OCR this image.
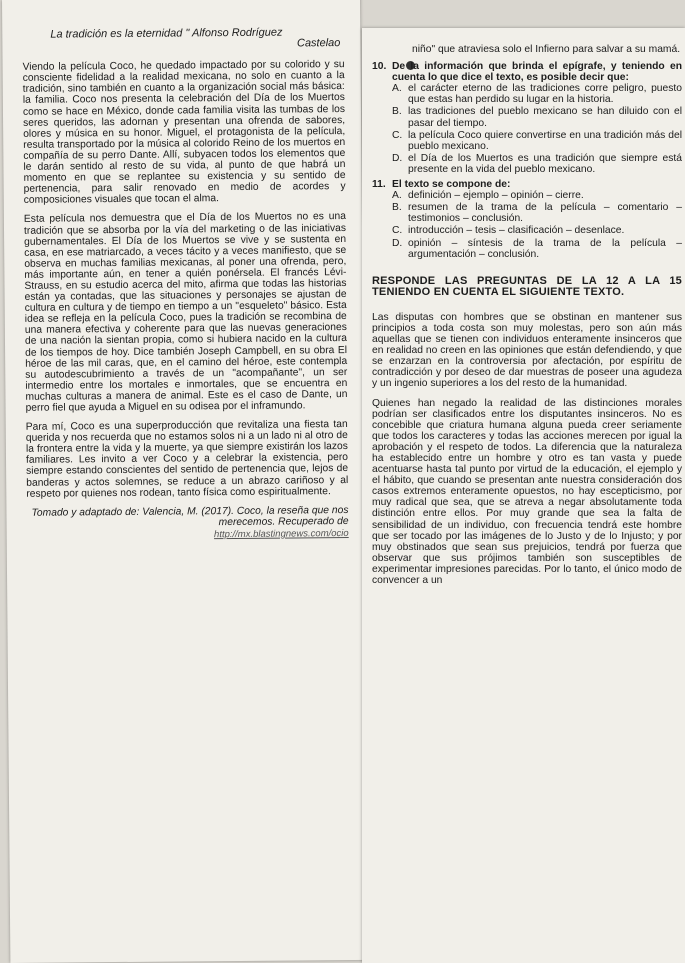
La tradición es la eternidad " Alfonso Rodríguez

Castelao

Viendo la película Coco, he quedado impactado por su colorido y su consciente fidelidad a la realidad mexicana, no solo en cuanto a la tradición, sino también en cuanto a la organización social más básica: la familia. Coco nos presenta la celebración del Día de los Muertos como se hace en México, donde cada familia visita las tumbas de los seres queridos, las adornan y presentan una ofrenda de sabores, olores y música en su honor. Miguel, el protagonista de la película, resulta transportado por la música al colorido Reino de los muertos en compañía de su perro Dante. Allí, subyacen todos los elementos que le darán sentido al resto de su vida, al punto de que habrá un momento en que se replantee su existencia y su sentido de pertenencia, para salir renovado en medio de acordes y composiciones visuales que tocan el alma.

Esta película nos demuestra que el Día de los Muertos no es una tradición que se absorba por la vía del marketing o de las iniciativas gubernamentales. El Día de los Muertos se vive y se sustenta en casa, en ese matriarcado, a veces tácito y a veces manifiesto, que se observa en muchas familias mexicanas, al poner una ofrenda, pero, más importante aún, en tener a quién ponérsela. El francés Lévi-Strauss, en su estudio acerca del mito, afirma que todas las historias están ya contadas, que las situaciones y personajes se ajustan de cultura en cultura y de tiempo en tiempo a un "esqueleto" básico. Esta idea se refleja en la película Coco, pues la tradición se recombina de una manera efectiva y coherente para que las nuevas generaciones de una nación la sientan propia, como si hubiera nacido en la cultura de los tiempos de hoy. Dice también Joseph Campbell, en su obra El héroe de las mil caras, que, en el camino del héroe, este contempla su autodescubrimiento a través de un "acompañante", un ser intermedio entre los mortales e inmortales, que se encuentra en muchas culturas a manera de animal. Este es el caso de Dante, un perro fiel que ayuda a Miguel en su odisea por el inframundo.

Para mí, Coco es una superproducción que revitaliza una fiesta tan querida y nos recuerda que no estamos solos ni a un lado ni al otro de la frontera entre la vida y la muerte, ya que siempre existirán los lazos familiares. Les invito a ver Coco y a celebrar la existencia, pero siempre estando conscientes del sentido de pertenencia que, lejos de banderas y actos solemnes, se reduce a un abrazo cariñoso y al respeto por quienes nos rodean, tanto física como espiritualmente.

Tomado y adaptado de: Valencia, M. (2017). Coco, la reseña que nos merecemos. Recuperado de

http://mx.blastingnews.com/ocio

niño" que atraviesa solo el Infierno para salvar a su mamá.

10. De la información que brinda el epígrafe, y teniendo en cuenta lo que dice el texto, es posible decir que:
A. el carácter eterno de las tradiciones corre peligro, puesto que estas han perdido su lugar en la historia.
B. las tradiciones del pueblo mexicano se han diluido con el pasar del tiempo.
C. la película Coco quiere convertirse en una tradición más del pueblo mexicano.
D. el Día de los Muertos es una tradición que siempre está presente en la vida del pueblo mexicano.
11. El texto se compone de:
A. definición – ejemplo – opinión – cierre.
B. resumen de la trama de la película – comentario – testimonios – conclusión.
C. introducción – tesis – clasificación – desenlace.
D. opinión – síntesis de la trama de la película – argumentación – conclusión.

RESPONDE LAS PREGUNTAS DE LA 12 A LA 15 TENIENDO EN CUENTA EL SIGUIENTE TEXTO.

Las disputas con hombres que se obstinan en mantener sus principios a toda costa son muy molestas, pero son aún más aquellas que se tienen con individuos enteramente insinceros que en realidad no creen en las opiniones que están defendiendo, y que se enzarzan en la controversia por afectación, por espíritu de contradicción y por deseo de dar muestras de poseer una agudeza y un ingenio superiores a los del resto de la humanidad.

Quienes han negado la realidad de las distinciones morales podrían ser clasificados entre los disputantes insinceros. No es concebible que criatura humana alguna pueda creer seriamente que todos los caracteres y todas las acciones merecen por igual la aprobación y el respeto de todos. La diferencia que la naturaleza ha establecido entre un hombre y otro es tan vasta y puede acentuarse hasta tal punto por virtud de la educación, el ejemplo y el hábito, que cuando se presentan ante nuestra consideración dos casos extremos enteramente opuestos, no hay escepticismo, por muy radical que sea, que se atreva a negar absolutamente toda distinción entre ellos. Por muy grande que sea la falta de sensibilidad de un individuo, con frecuencia tendrá este hombre que ser tocado por las imágenes de lo Justo y de lo Injusto; y por muy obstinados que sean sus prejuicios, tendrá por fuerza que observar que sus prójimos también son susceptibles de experimentar impresiones parecidas. Por lo tanto, el único modo de convencer a un
